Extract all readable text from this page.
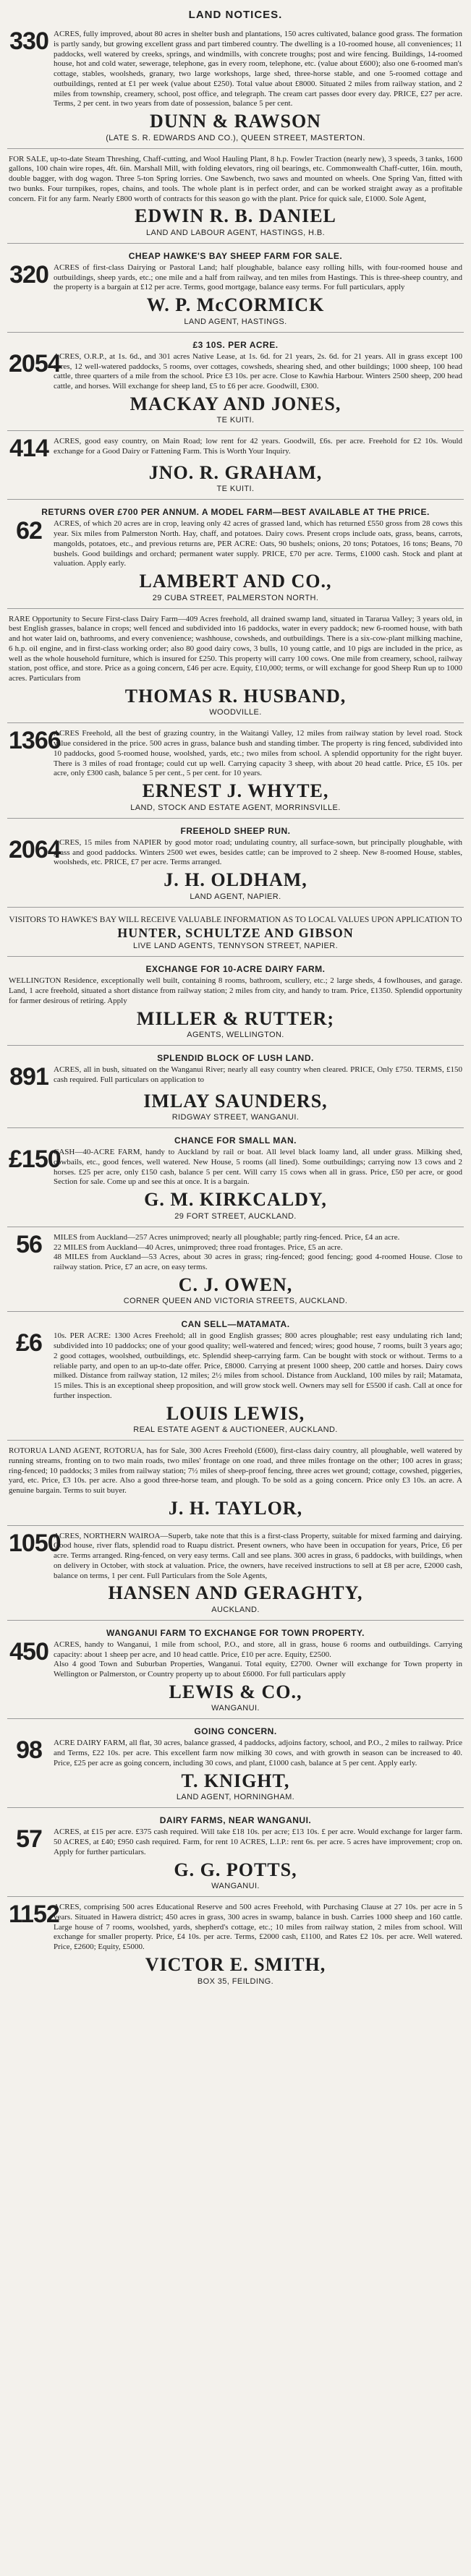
LAND NOTICES.
330 ACRES, fully improved, about 80 acres in shelter bush and plantations, 150 acres cultivated, balance good grass. The formation is partly sandy, but growing excellent grass and part timbered country. The dwelling is a 10-roomed house, all conveniences; 11 paddocks, well watered by creeks, springs, and windmills, with concrete troughs; post and wire fencing. Buildings, 14-roomed house, hot and cold water, sewerage, telephone, gas in every room, telephone, etc. (value about £600); also one 6-roomed man's cottage, stables, woolsheds, granary, two large workshops, large shed, three-horse stable, and one 5-roomed cottage and outbuildings, rented at £1 per week (value about £250). Total value about £8000. Situated 2 miles from railway station, and 2 miles from township, creamery, school, post office, and telegraph. The cream cart passes door every day. PRICE, £27 per acre. Terms, 2 per cent. in two years from date of possession, balance 5 per cent.

DUNN & RAWSON
(LATE S. R. EDWARDS AND CO.), QUEEN STREET, MASTERTON.

FOR SALE, up-to-date Steam Threshing, Chaff-cutting, and Wool Hauling Plant, 8 h.p. Fowler Traction (nearly new), 3 speeds, 3 tanks, 1600 gallons, 100 chain wire ropes, 4ft. 6in. Marshall Mill, with folding elevators, ring oil bearings, etc. Commonwealth Chaff-cutter, 16in. mouth, double bagger, with dog wagon. Three 5-ton Spring lorries. One Sawbench, two saws and mounted on wheels. One Spring Van, fitted with two bunks. Four turnpikes, ropes, chains, and tools. The whole plant is in perfect order, and can be worked straight away as a profitable concern. Fit for any farm. Nearly £800 worth of contracts for this season go with the plant. Price for quick sale, £1000. Sole Agent,

EDWIN R. B. DANIEL
LAND AND LABOUR AGENT, HASTINGS, H.B.
CHEAP HAWKE'S BAY SHEEP FARM FOR SALE.
320 ACRES of first-class Dairying or Pastoral Land; half ploughable, balance easy rolling hills, with four-roomed house and outbuildings, sheep yards, etc.; one mile and a half from railway, and ten miles from Hastings. This is three-sheep country, and the property is a bargain at £12 per acre. Terms, good mortgage, balance easy terms. For full particulars, apply

W. P. McCORMICK
LAND AGENT, HASTINGS.
£3 10S. PER ACRE.
2054

ACRES, O.R.P., at 1s. 6d., and 301 acres Native Lease, at 1s. 6d. for 21 years, 2s. 6d. for 21 years. All in grass except 100 acres, 12 well-watered paddocks, 5 rooms, over cottages, cowsheds, shearing shed, and other buildings; 1000 sheep, 100 head cattle, three quarters of a mile from the school. Price £3 10s. per acre. Close to Kawhia Harbour. Winters 2500 sheep, 200 head cattle, and horses. Will exchange for sheep land, £5 to £6 per acre. Goodwill, £300.

MACKAY AND JONES,
TE KUITI.
414 ACRES, good easy country, on Main Road; low rent for 42 years. Goodwill, £6s. per acre. Freehold for £2 10s. Would exchange for a Good Dairy or Fattening Farm. This is Worth Your Inquiry.

JNO. R. GRAHAM,
TE KUITI.
RETURNS OVER £700 PER ANNUM. A MODEL FARM—BEST AVAILABLE AT THE PRICE.
62	ACRES, of which 20 acres are in crop, leaving only 42 acres of grassed land, which has returned £550 gross from 28 cows this year. Six miles from Palmerston North. Hay, chaff, and potatoes. Dairy cows. Present crops include oats, grass, beans, carrots, mangolds, potatoes, etc., and previous returns are, PER ACRE: Oats, 90 bushels; onions, 20 tons; Potatoes, 16 tons; Beans, 70 bushels. Good buildings and orchard; permanent water supply. PRICE, £70 per acre. Terms, £1000 cash. Stock and plant at valuation. Apply early.

LAMBERT AND CO.,
29 CUBA STREET, PALMERSTON NORTH.

RARE Opportunity to Secure First-class Dairy Farm—409 Acres freehold, all drained swamp land, situated in Tararua Valley; 3 years old, in best English grasses, balance in crops; well fenced and subdivided into 16 paddocks, water in every paddock; new 6-roomed house, with bath and hot water laid on, bathrooms, and every convenience; washhouse, cowsheds, and outbuildings. There is a six-cow-plant milking machine, 6 h.p. oil engine, and in first-class working order; also 80 good dairy cows, 3 bulls, 10 young cattle, and 10 pigs are included in the price, as well as the whole household furniture, which is insured for £250. This property will carry 100 cows. One mile from creamery, school, railway station, post office, and store. Price as a going concern, £46 per acre. Equity, £10,000; terms, or will exchange for good Sheep Run up to 1000 acres. Particulars from

THOMAS R. HUSBAND,
WOODVILLE.
1366

ACRES Freehold, all the best of grazing country, in the Waitangi Valley, 12 miles from railway station by level road. Stock value considered in the price. 500 acres in grass, balance bush and standing timber. The property is ring fenced, subdivided into 10 paddocks, good 5-roomed house, woolshed, yards, etc.; two miles from school. A splendid opportunity for the right buyer. There is 3 miles of road frontage; could cut up well. Carrying capacity 3 sheep, with about 20 head cattle. Price, £5 10s. per acre, only £300 cash, balance 5 per cent., 5 per cent. for 10 years.

ERNEST J. WHYTE,
LAND, STOCK AND ESTATE AGENT, MORRINSVILLE.
FREEHOLD SHEEP RUN.
2064

ACRES, 15 miles from NAPIER by good motor road; undulating country, all surface-sown, but principally ploughable, with grass and good paddocks. Winters 2500 wet ewes, besides cattle; can be improved to 2 sheep. New 8-roomed House, stables, woolsheds, etc. PRICE, £7 per acre. Terms arranged.

J. H. OLDHAM,
LAND AGENT, NAPIER.
VISITORS TO HAWKE'S BAY WILL RECEIVE VALUABLE INFORMATION AS TO LOCAL VALUES UPON APPLICATION TO
HUNTER, SCHULTZE AND GIBSON
LIVE LAND AGENTS, TENNYSON STREET, NAPIER.
EXCHANGE FOR 10-ACRE DAIRY FARM.

WELLINGTON Residence, exceptionally well built, containing 8 rooms, bathroom, scullery, etc.; 2 large sheds, 4 fowlhouses, and garage. Land, 1 acre freehold, situated a short distance from railway station; 2 miles from city, and handy to tram. Price, £1350. Splendid opportunity for farmer desirous of retiring. Apply

MILLER & RUTTER;
AGENTS, WELLINGTON.
SPLENDID BLOCK OF LUSH LAND.
891 ACRES, all in bush, situated on the Wanganui River; nearly all easy country when cleared. PRICE, Only £750. TERMS, £150 cash required. Full particulars on application to

IMLAY SAUNDERS,
RIDGWAY STREET, WANGANUI.
CHANCE FOR SMALL MAN.
£150

CASH—40-ACRE FARM, handy to Auckland by rail or boat. All level black loamy land, all under grass. Milking shed, cowbails, etc., good fences, well watered. New House, 5 rooms (all lined). Some outbuildings; carrying now 13 cows and 2 horses. £25 per acre, only £150 cash, balance 5 per cent. Will carry 15 cows when all in grass. Price, £50 per acre, or good Section for sale. Come up and see this at once. It is a bargain.

G. M. KIRKCALDY,
29 FORT STREET, AUCKLAND.
56	MILES from Auckland—257 Acres unimproved; nearly all ploughable; partly ring-fenced. Price, £4 an acre.
22 MILES from Auckland—40 Acres, unimproved; three road frontages. Price, £5 an acre.
48 MILES from Auckland—53 Acres, about 30 acres in grass; ring-fenced; good fencing; good 4-roomed House. Close to railway station. Price, £7 an acre, on easy terms.

C. J. OWEN,
CORNER QUEEN AND VICTORIA STREETS, AUCKLAND.
CAN SELL—MATAMATA.
£6	10s. PER ACRE: 1300 Acres Freehold; all in good English grasses; 800 acres ploughable; rest easy undulating rich land; subdivided into 10 paddocks; one of your good quality; well-watered and fenced; wires; good house, 7 rooms, built 3 years ago; 2 good cottages, woolshed, outbuildings, etc. Splendid sheep-carrying farm. Can be bought with stock or without. Terms to a reliable party, and open to an up-to-date offer. Price, £8000. Carrying at present 1000 sheep, 200 cattle and horses. Dairy cows milked. Distance from railway station, 12 miles; 2½ miles from school. Distance from Auckland, 100 miles by rail; Matamata, 15 miles. This is an exceptional sheep proposition, and will grow stock well. Owners may sell for £5500 if cash. Call at once for further inspection.

LOUIS LEWIS,
REAL ESTATE AGENT & AUCTIONEER, AUCKLAND.

ROTORUA LAND AGENT, ROTORUA, has for Sale, 300 Acres Freehold (£600), first-class dairy country, all ploughable, well watered by running streams, fronting on to two main roads, two miles' frontage on one road, and three miles frontage on the other; 100 acres in grass; ring-fenced; 10 paddocks; 3 miles from railway station; 7½ miles of sheep-proof fencing, three acres wet ground; cottage, cowshed, piggeries, yard, etc. Price, £3 10s. per acre. Also a good three-horse team, and plough. To be sold as a going concern. Price only £3 10s. an acre. A genuine bargain. Terms to suit buyer.

J. H. TAYLOR,
1050

ACRES, NORTHERN WAIROA—Superb, take note that this is a first-class Property, suitable for mixed farming and dairying. Good house, river flats, splendid road to Ruapu district. Present owners, who have been in occupation for years, Price, £6 per acre. Terms arranged. Ring-fenced, on very easy terms. Call and see plans. 300 acres in grass, 6 paddocks, with buildings, when on delivery in October, with stock at valuation. Price, the owners, have received instructions to sell at £8 per acre, £2000 cash, balance on terms, 1 per cent. Full Particulars from the Sole Agents,

HANSEN AND GERAGHTY,
AUCKLAND.
WANGANUI FARM TO EXCHANGE FOR TOWN PROPERTY.
450 ACRES, handy to Wanganui, 1 mile from school, P.O., and store, all in grass, house 6 rooms and outbuildings. Carrying capacity: about 1 sheep per acre, and 10 head cattle. Price, £10 per acre. Equity, £2500.
Also 4 good Town and Suburban Properties, Wanganui. Total equity, £2700. Owner will exchange for Town property in Wellington or Palmerston, or Country property up to about £6000. For full particulars apply

LEWIS & CO.,
WANGANUI.
GOING CONCERN.
98	ACRE DAIRY FARM, all flat, 30 acres, balance grassed, 4 paddocks, adjoins factory, school, and P.O., 2 miles to railway. Price and Terms, £22 10s. per acre. This excellent farm now milking 30 cows, and with growth in season can be increased to 40. Price, £25 per acre as going concern, including 30 cows, and plant, £1000 cash, balance at 5 per cent. Apply early.

T. KNIGHT,
LAND AGENT, HORNINGHAM.
DAIRY FARMS, NEAR WANGANUI.
57	ACRES, at £15 per acre. £375 cash required. Will take £18 10s. per acre; £13 10s. £ per acre. Would exchange for larger farm. 50 ACRES, at £40; £950 cash required. Farm, for rent 10 ACRES, L.I.P.: rent 6s. per acre. 5 acres have improvement; crop on. Apply for further particulars.

G. G. POTTS,
WANGANUI.
1152

ACRES, comprising 500 acres Educational Reserve and 500 acres Freehold, with Purchasing Clause at 27 10s. per acre in 5 years. Situated in Hawera district; 450 acres in grass, 300 acres in swamp, balance in bush. Carries 1000 sheep and 160 cattle. Large house of 7 rooms, woolshed, yards, shepherd's cottage, etc.; 10 miles from railway station, 2 miles from school. Will exchange for smaller property. Price, £4 10s. per acre. Terms, £2000 cash, £1100, and Rates £2 10s. per acre. Well watered. Price, £2600; Equity, £5000.

VICTOR E. SMITH,
BOX 35, FEILDING.
